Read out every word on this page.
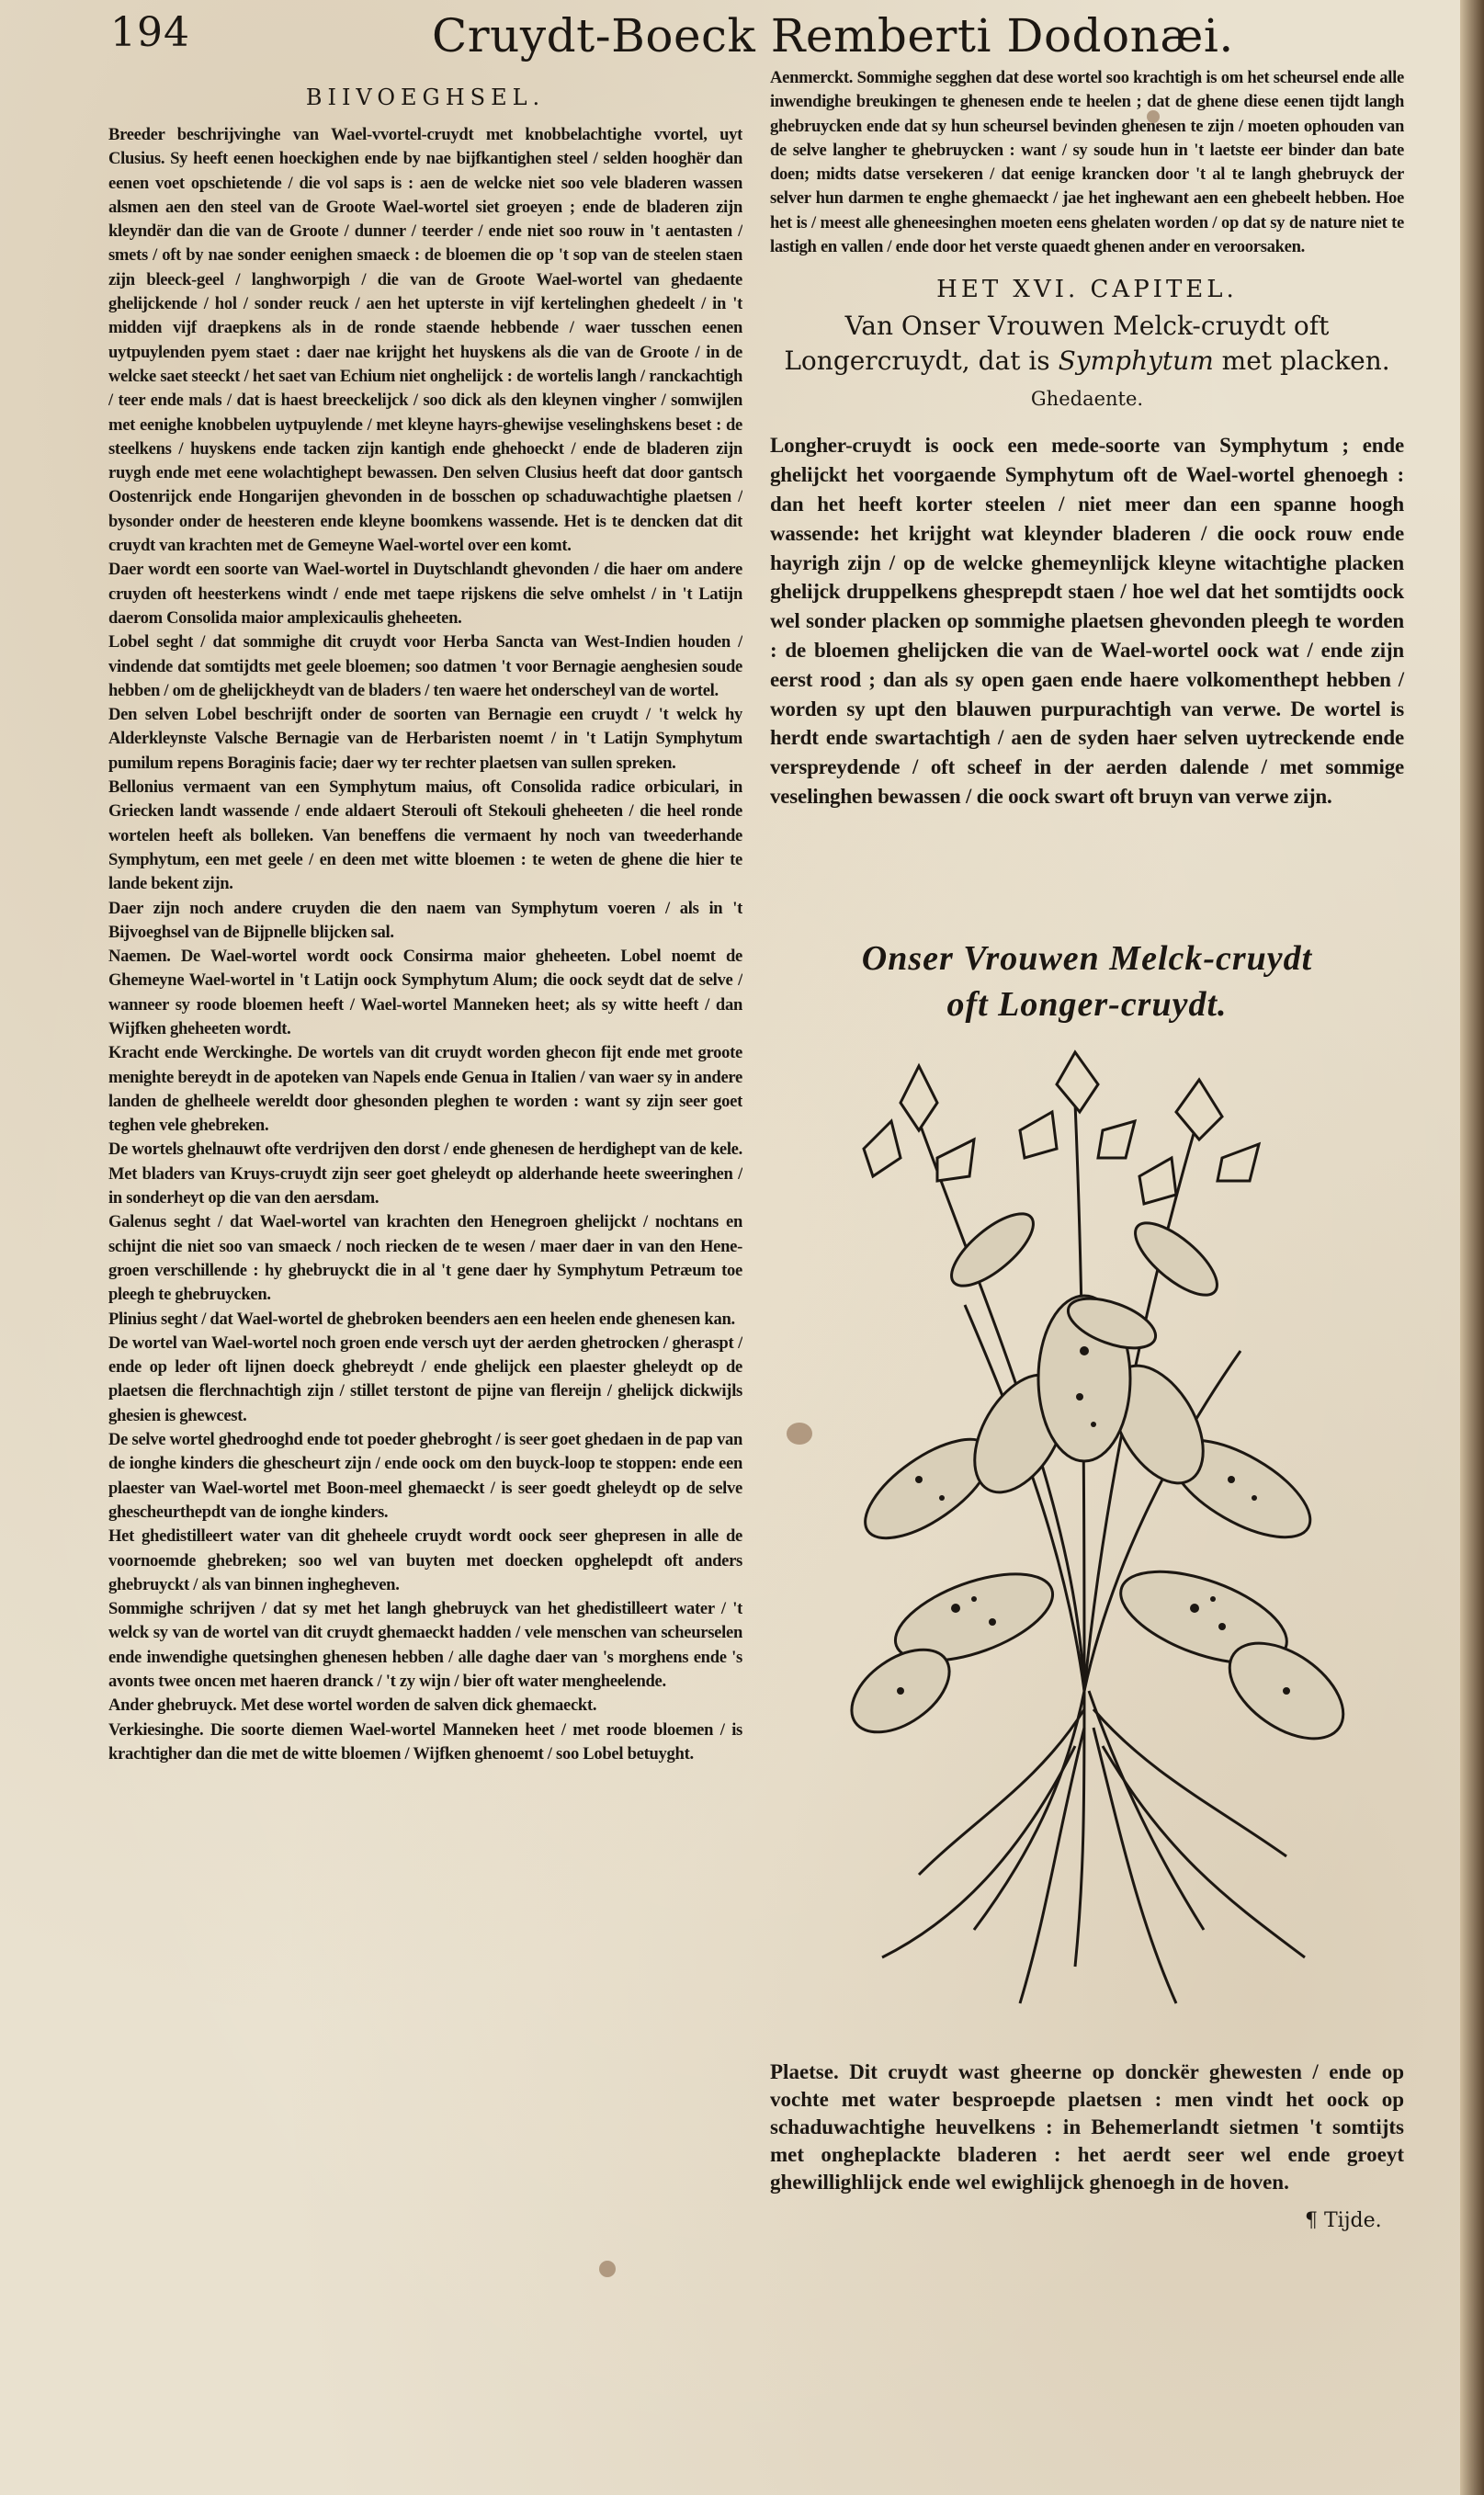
194	Cruydt-Boeck Remberti Dodonæi.
BIIVOEGHSEL.

Breeder beschrijvinghe van Wael-vvortel-cruydt met knobbelachtighe vvortel, uyt Clusius. Sy heeft eenen hoeckighen ende by nae bijfkantighen steel / selden hooghër dan eenen voet opschietende / die vol saps is : aen de welcke niet soo vele bladeren wassen alsmen aen den steel van de Groote Wael-wortel siet groeyen ; ende de bladeren zijn kleyndër dan die van de Groote / dunner / teerder / ende niet soo rouw in 't aentasten / smets / oft by nae sonder eenighen smaeck : de bloemen die op 't sop van de steelen staen zijn bleeck-geel / langhworpigh / die van de Groote Wael-wortel van ghedaente ghelijckende / hol / sonder reuck / aen het upterste in vijf kertelinghen ghedeelt / in 't midden vijf draepkens als in de ronde staende hebbende / waer tusschen eenen uytpuylenden pyem staet : daer nae krijght het huyskens als die van de Groote / in de welcke saet steeckt / het saet van Echium niet onghelijck : de wortelis langh / ranckachtigh / teer ende mals / dat is haest breeckelijck / soo dick als den kleynen vingher / somwijlen met eenighe knobbelen uytpuylende / met kleyne hayrs-ghewijse veselinghskens beset : de steelkens / huyskens ende tacken zijn kantigh ende ghehoeckt / ende de bladeren zijn ruygh ende met eene wolachtighept bewassen. Den selven Clusius heeft dat door gantsch Oostenrijck ende Hongarijen ghevonden in de bosschen op schaduwachtighe plaetsen / bysonder onder de heesteren ende kleyne boomkens wassende. Het is te dencken dat dit cruydt van krachten met de Gemeyne Wael-wortel over een komt.

Daer wordt een soorte van Wael-wortel in Duytschlandt ghevonden / die haer om andere cruyden oft heesterkens windt / ende met taepe rijskens die selve omhelst / in 't Latijn daerom Consolida maior amplexicaulis gheheeten.

Lobel seght / dat sommighe dit cruydt voor Herba Sancta van West-Indien houden / vindende dat somtijdts met geele bloemen; soo datmen 't voor Bernagie aenghesien soude hebben / om de ghelijckheydt van de bladers / ten waere het onderscheyl van de wortel.

Den selven Lobel beschrijft onder de soorten van Bernagie een cruydt / 't welck hy Alderkleynste Valsche Bernagie van de Herbaristen noemt / in 't Latijn Symphytum pumilum repens Boraginis facie; daer wy ter rechter plaetsen van sullen spreken.

Bellonius vermaent van een Symphytum maius, oft Consolida radice orbiculari, in Griecken landt wassende / ende aldaert Sterouli oft Stekouli gheheeten / die heel ronde wortelen heeft als bolleken. Van beneffens die vermaent hy noch van tweederhande Symphytum, een met geele / en deen met witte bloemen : te weten de ghene die hier te lande bekent zijn.

Daer zijn noch andere cruyden die den naem van Symphytum voeren / als in 't Bijvoeghsel van de Bijpnelle blijcken sal.

Naemen. De Wael-wortel wordt oock Consirma maior gheheeten. Lobel noemt de Ghemeyne Wael-wortel in 't Latijn oock Symphytum Alum; die oock seydt dat de selve / wanneer sy roode bloemen heeft / Wael-wortel Manneken heet; als sy witte heeft / dan Wijfken gheheeten wordt.

Kracht ende Werckinghe. De wortels van dit cruydt worden ghecon fijt ende met groote menighte bereydt in de apoteken van Napels ende Genua in Italien / van waer sy in andere landen de ghelheele wereldt door ghesonden pleghen te worden : want sy zijn seer goet teghen vele ghebreken.

De wortels ghelnauwt ofte verdrijven den dorst / ende ghenesen de herdighept van de kele. Met bladers van Kruys-cruydt zijn seer goet gheleydt op alderhande heete sweeringhen / in sonderheyt op die van den aersdam.

Galenus seght / dat Wael-wortel van krachten den Henegroen ghelijckt / nochtans en schijnt die niet soo van smaeck / noch riecken de te wesen / maer daer in van den Hene-groen verschillende : hy ghebruyckt die in al 't gene daer hy Symphytum Petræum toe pleegh te ghebruycken.

Plinius seght / dat Wael-wortel de ghebroken beenders aen een heelen ende ghenesen kan.

De wortel van Wael-wortel noch groen ende versch uyt der aerden ghetrocken / gheraspt / ende op leder oft lijnen doeck ghebreydt / ende ghelijck een plaester gheleydt op de plaetsen die flerchnachtigh zijn / stillet terstont de pijne van flereijn / ghelijck dickwijls ghesien is ghewcest.

De selve wortel ghedrooghd ende tot poeder ghebroght / is seer goet ghedaen in de pap van de ionghe kinders die ghescheurt zijn / ende oock om den buyck-loop te stoppen: ende een plaester van Wael-wortel met Boon-meel ghemaeckt / is seer goedt gheleydt op de selve ghescheurthepdt van de ionghe kinders.

Het ghedistilleert water van dit gheheele cruydt wordt oock seer ghepresen in alle de voornoemde ghebreken; soo wel van buyten met doecken opghelepdt oft anders ghebruyckt / als van binnen inghegheven.

Sommighe schrijven / dat sy met het langh ghebruyck van het ghedistilleert water / 't welck sy van de wortel van dit cruydt ghemaeckt hadden / vele menschen van scheurselen ende inwendighe quetsinghen ghenesen hebben / alle daghe daer van 's morghens ende 's avonts twee oncen met haeren dranck / 't zy wijn / bier oft water mengheelende.

Ander ghebruyck. Met dese wortel worden de salven dick ghemaeckt.

Verkiesinghe. Die soorte diemen Wael-wortel Manneken heet / met roode bloemen / is krachtigher dan die met de witte bloemen / Wijfken ghenoemt / soo Lobel betuyght.

Aenmerckt. Sommighe segghen dat dese wortel soo krachtigh is om het scheursel ende alle inwendighe breukingen te ghenesen ende te heelen ; dat de ghene diese eenen tijdt langh ghebruycken ende dat sy hun scheursel bevinden ghenesen te zijn / moeten ophouden van de selve langher te ghebruycken : want / sy soude hun in 't laetste eer binder dan bate doen; midts datse versekeren / dat eenige krancken door 't al te langh ghebruyck der selver hun darmen te enghe ghemaeckt / jae het inghewant aen een ghebeelt hebben. Hoe het is / meest alle gheneesinghen moeten eens ghelaten worden / op dat sy de nature niet te lastigh en vallen / ende door het verste quaedt ghenen ander en veroorsaken.

HET XVI. CAPITEL.
Van Onser Vrouwen Melck-cruydt oft Longercruydt, dat is Symphytum met placken.
Ghedaente.

Longher-cruydt is oock een mede-soorte van Symphytum ; ende ghelijckt het voorgaende Symphytum oft de Wael-wortel ghenoegh : dan het heeft korter steelen / niet meer dan een spanne hoogh wassende: het krijght wat kleynder bladeren / die oock rouw ende hayrigh zijn / op de welcke ghemeynlijck kleyne witachtighe placken ghelijck druppelkens ghesprepdt staen / hoe wel dat het somtijdts oock wel sonder placken op sommighe plaetsen ghevonden pleegh te worden : de bloemen ghelijcken die van de Wael-wortel oock wat / ende zijn eerst rood ; dan als sy open gaen ende haere volkomenthept hebben / worden sy upt den blauwen purpurachtigh van verwe. De wortel is herdt ende swartachtigh / aen de syden haer selven uytreckende ende verspreydende / oft scheef in der aerden dalende / met sommige veselinghen bewassen / die oock swart oft bruyn van verwe zijn.

Onser Vrouwen Melck-cruydt
oft Longer-cruydt.
Plaetse. Dit cruydt wast gheerne op donckër ghewesten / ende op vochte met water besproepde plaetsen : men vindt het oock op schaduwachtighe heuvelkens : in Behemerlandt sietmen 't somtijts met ongheplackte bladeren : het aerdt seer wel ende groeyt ghewillighlijck ende wel ewighlijck ghenoegh in de hoven.
¶ Tijde.
